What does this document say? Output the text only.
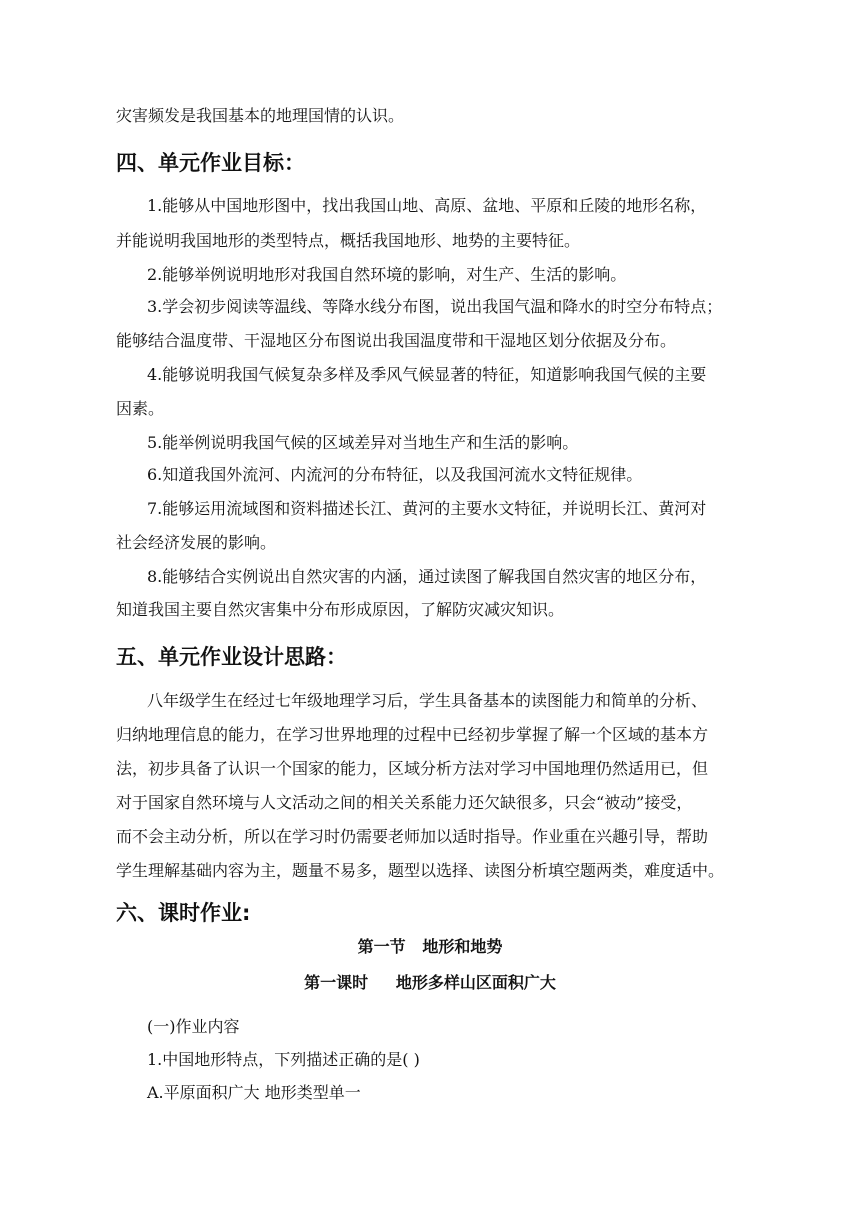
灾害频发是我国基本的地理国情的认识。
四、单元作业目标：
1.能够从中国地形图中，找出我国山地、高原、盆地、平原和丘陵的地形名称，
并能说明我国地形的类型特点，概括我国地形、地势的主要特征。
2.能够举例说明地形对我国自然环境的影响，对生产、生活的影响。
3.学会初步阅读等温线、等降水线分布图，说出我国气温和降水的时空分布特点；
能够结合温度带、干湿地区分布图说出我国温度带和干湿地区划分依据及分布。
4.能够说明我国气候复杂多样及季风气候显著的特征，知道影响我国气候的主要
因素。
5.能举例说明我国气候的区域差异对当地生产和生活的影响。
6.知道我国外流河、内流河的分布特征，以及我国河流水文特征规律。
7.能够运用流域图和资料描述长江、黄河的主要水文特征，并说明长江、黄河对
社会经济发展的影响。
8.能够结合实例说出自然灾害的内涵，通过读图了解我国自然灾害的地区分布，
知道我国主要自然灾害集中分布形成原因，了解防灾减灾知识。
五、单元作业设计思路：
八年级学生在经过七年级地理学习后，学生具备基本的读图能力和简单的分析、
归纳地理信息的能力，在学习世界地理的过程中已经初步掌握了解一个区域的基本方
法，初步具备了认识一个国家的能力，区域分析方法对学习中国地理仍然适用已，但
对于国家自然环境与人文活动之间的相关关系能力还欠缺很多，只会“被动”接受，
而不会主动分析，所以在学习时仍需要老师加以适时指导。作业重在兴趣引导，帮助
学生理解基础内容为主，题量不易多，题型以选择、读图分析填空题两类，难度适中。
六、课时作业:
第一节   地形和地势
第一课时     地形多样山区面积广大
(一)作业内容
1.中国地形特点，下列描述正确的是( )
A.平原面积广大 地形类型单一
